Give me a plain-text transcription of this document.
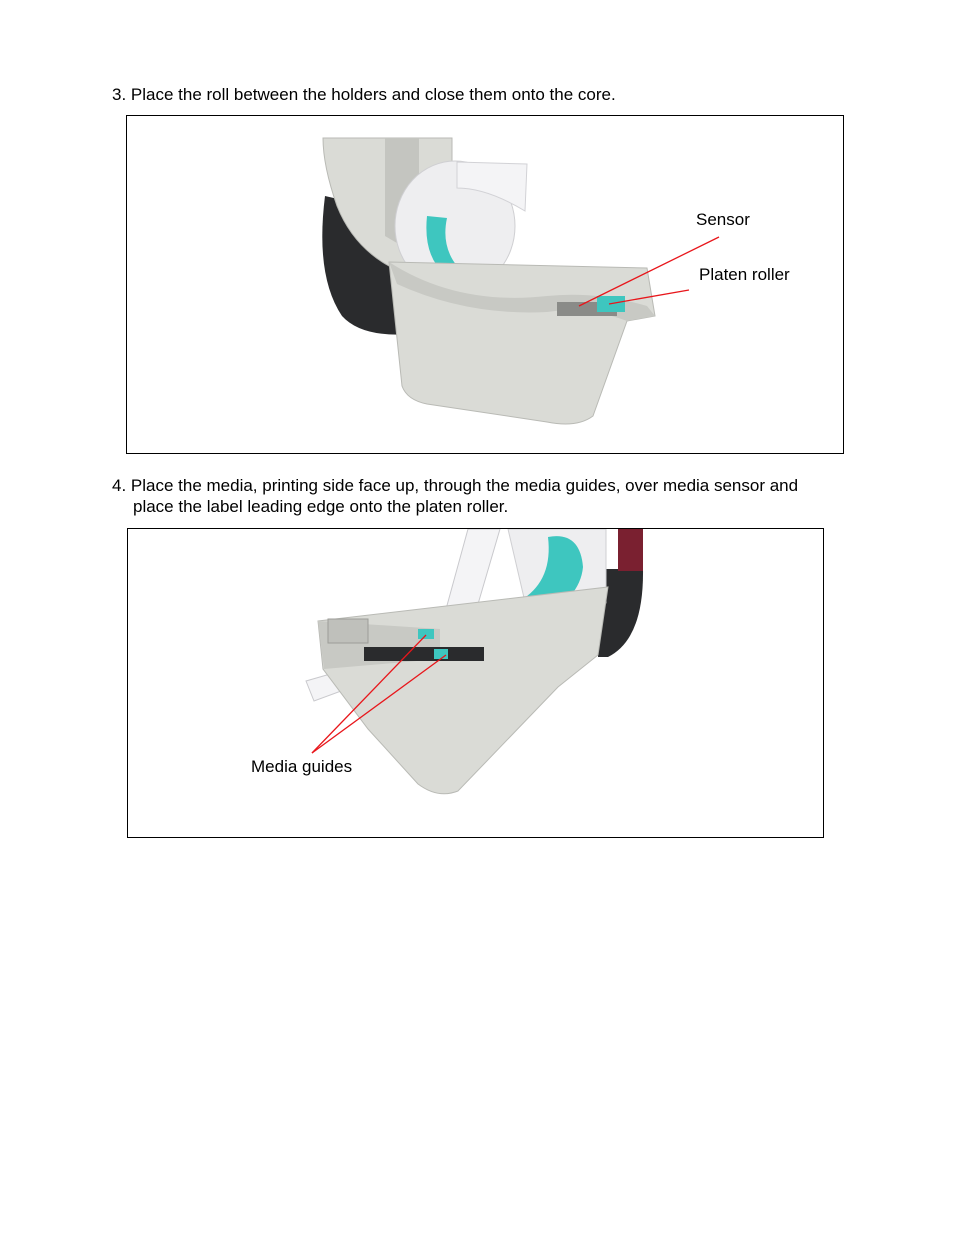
3. Place the roll between the holders and close them onto the core.

Sensor
Platen roller

4. Place the media, printing side face up, through the media guides, over media sensor and
place the label leading edge onto the platen roller.

Media guides
